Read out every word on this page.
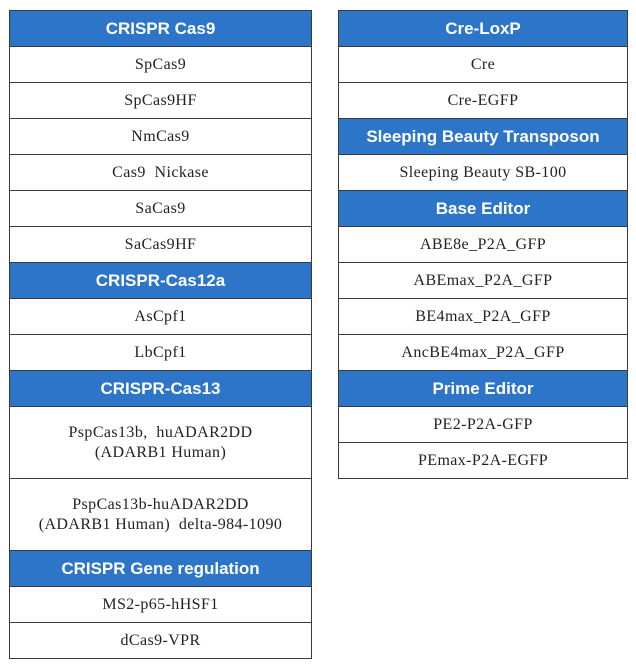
CRISPR Cas9

SpCas9

SpCas9HF

NmCas9

Cas9  Nickase

SaCas9

SaCas9HF

CRISPR-Cas12a

AsCpf1

LbCpf1

CRISPR-Cas13

PspCas13b,  huADAR2DD
(ADARB1 Human)

PspCas13b-huADAR2DD
(ADARB1 Human)  delta-984-1090

CRISPR Gene regulation

MS2-p65-hHSF1

dCas9-VPR
Cre-LoxP

Cre

Cre-EGFP

Sleeping Beauty Transposon

Sleeping Beauty SB-100

Base Editor

ABE8e_P2A_GFP

ABEmax_P2A_GFP

BE4max_P2A_GFP

AncBE4max_P2A_GFP

Prime Editor

PE2-P2A-GFP

PEmax-P2A-EGFP
